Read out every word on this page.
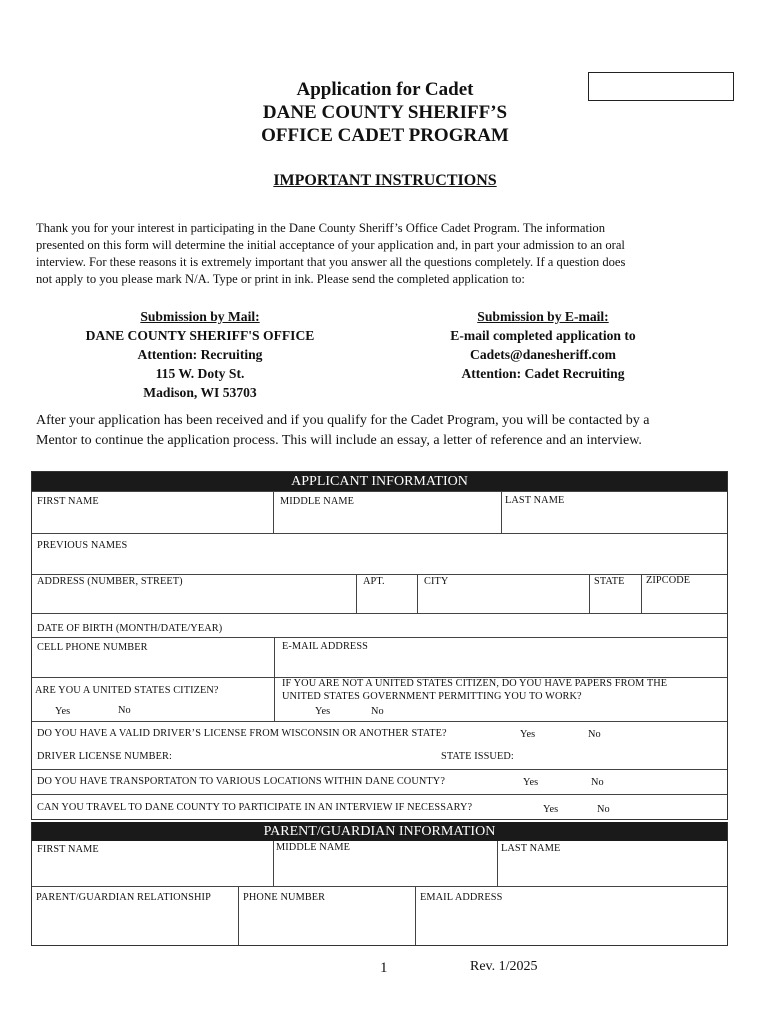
Application for Cadet
DANE COUNTY SHERIFF’S
OFFICE CADET PROGRAM
IMPORTANT INSTRUCTIONS
Thank you for your interest in participating in the Dane County Sheriff’s Office Cadet Program. The information
presented on this form will determine the initial acceptance of your application and, in part your admission to an oral
interview. For these reasons it is extremely important that you answer all the questions completely. If a question does
not apply to you please mark N/A. Type or print in ink. Please send the completed application to:
Submission by Mail:
DANE COUNTY SHERIFF'S OFFICE
Attention: Recruiting
115 W. Doty St.
Madison, WI 53703
Submission by E-mail:
E-mail completed application to
Cadets@danesheriff.com
Attention: Cadet Recruiting
After your application has been received and if you qualify for the Cadet Program, you will be contacted by a
Mentor to continue the application process. This will include an essay, a letter of reference and an interview.
APPLICANT INFORMATION
FIRST NAME	MIDDLE NAME	LAST NAME
PREVIOUS NAMES
ADDRESS (NUMBER, STREET)	APT.	CITY	STATE ZIPCODE
DATE OF BIRTH (MONTH/DATE/YEAR)
CELL PHONE NUMBER	E-MAIL ADDRESS
ARE YOU A UNITED STATES CITIZEN?
Yes	No
IF YOU ARE NOT A UNITED STATES CITIZEN, DO YOU HAVE PAPERS FROM THE
UNITED STATES GOVERNMENT PERMITTING YOU TO WORK?
Yes	No
DO YOU HAVE A VALID DRIVER’S LICENSE FROM WISCONSIN OR ANOTHER STATE?	Yes	No
DRIVER LICENSE NUMBER:	STATE ISSUED:
DO YOU HAVE TRANSPORTATON TO VARIOUS LOCATIONS WITHIN DANE COUNTY?	Yes	No
CAN YOU TRAVEL TO DANE COUNTY TO PARTICIPATE IN AN INTERVIEW IF NECESSARY?	Yes	No
PARENT/GUARDIAN INFORMATION
FIRST NAME	MIDDLE NAME	LAST NAME
PARENT/GUARDIAN RELATIONSHIP	PHONE NUMBER	EMAIL ADDRESS
1	Rev. 1/2025
